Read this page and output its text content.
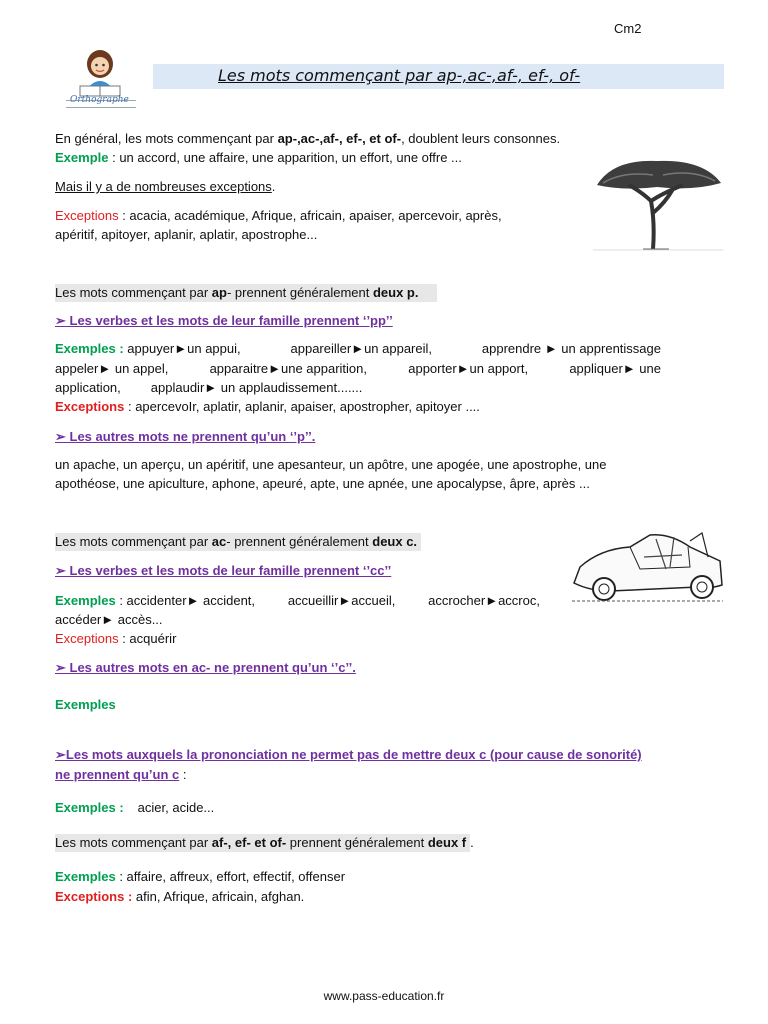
Cm2
Orthographe
Les mots commençant par ap-,ac-,af-, ef-, of-
En général, les mots commençant par ap-,ac-,af-, ef-, et of-, doublent leurs consonnes.
Exemple : un accord, une affaire, une apparition, un effort, une offre ...
Mais il y a de nombreuses exceptions.
Exceptions : acacia, académique, Afrique, africain, apaiser, apercevoir, après,
apéritif, apitoyer, aplanir, aplatir, apostrophe...
Les mots commençant par ap- prennent généralement deux p.
➢ Les verbes et les mots de leur famille prennent ‘’pp’’
Exemples : appuyer►un appui,	appareiller►un appareil,	apprendre ► un apprentissage
appeler► un appel,	apparaitre►une apparition,	apporter►un apport,	appliquer► une
application, applaudir► un applaudissement.......
Exceptions : apercevoIr, aplatir, aplanir, apaiser, apostropher, apitoyer ....
➢ Les autres mots ne prennent qu’un ‘’p’’.
un apache, un aperçu, un apéritif, une apesanteur, un apôtre, une apogée, une apostrophe, une
apothéose, une apiculture, aphone, apeuré, apte, une apnée, une apocalypse, âpre, après ...
Les mots commençant par ac- prennent généralement deux c.
➢ Les verbes et les mots de leur famille prennent ‘’cc’’
Exemples : accidenter► accident,	accueillir►accueil,	accrocher►accroc,
accéder► accès...
Exceptions : acquérir
➢ Les autres mots en ac- ne prennent qu’un ‘’c’’.
Exemples
➢Les mots auxquels la prononciation ne permet pas de mettre deux c (pour cause de sonorité)
ne prennent qu’un c :
Exemples : acier, acide...
Les mots commençant par af-, ef- et of- prennent généralement deux f .
Exemples : affaire, affreux, effort, effectif, offenser
Exceptions : afin, Afrique, africain, afghan.
www.pass-education.fr
